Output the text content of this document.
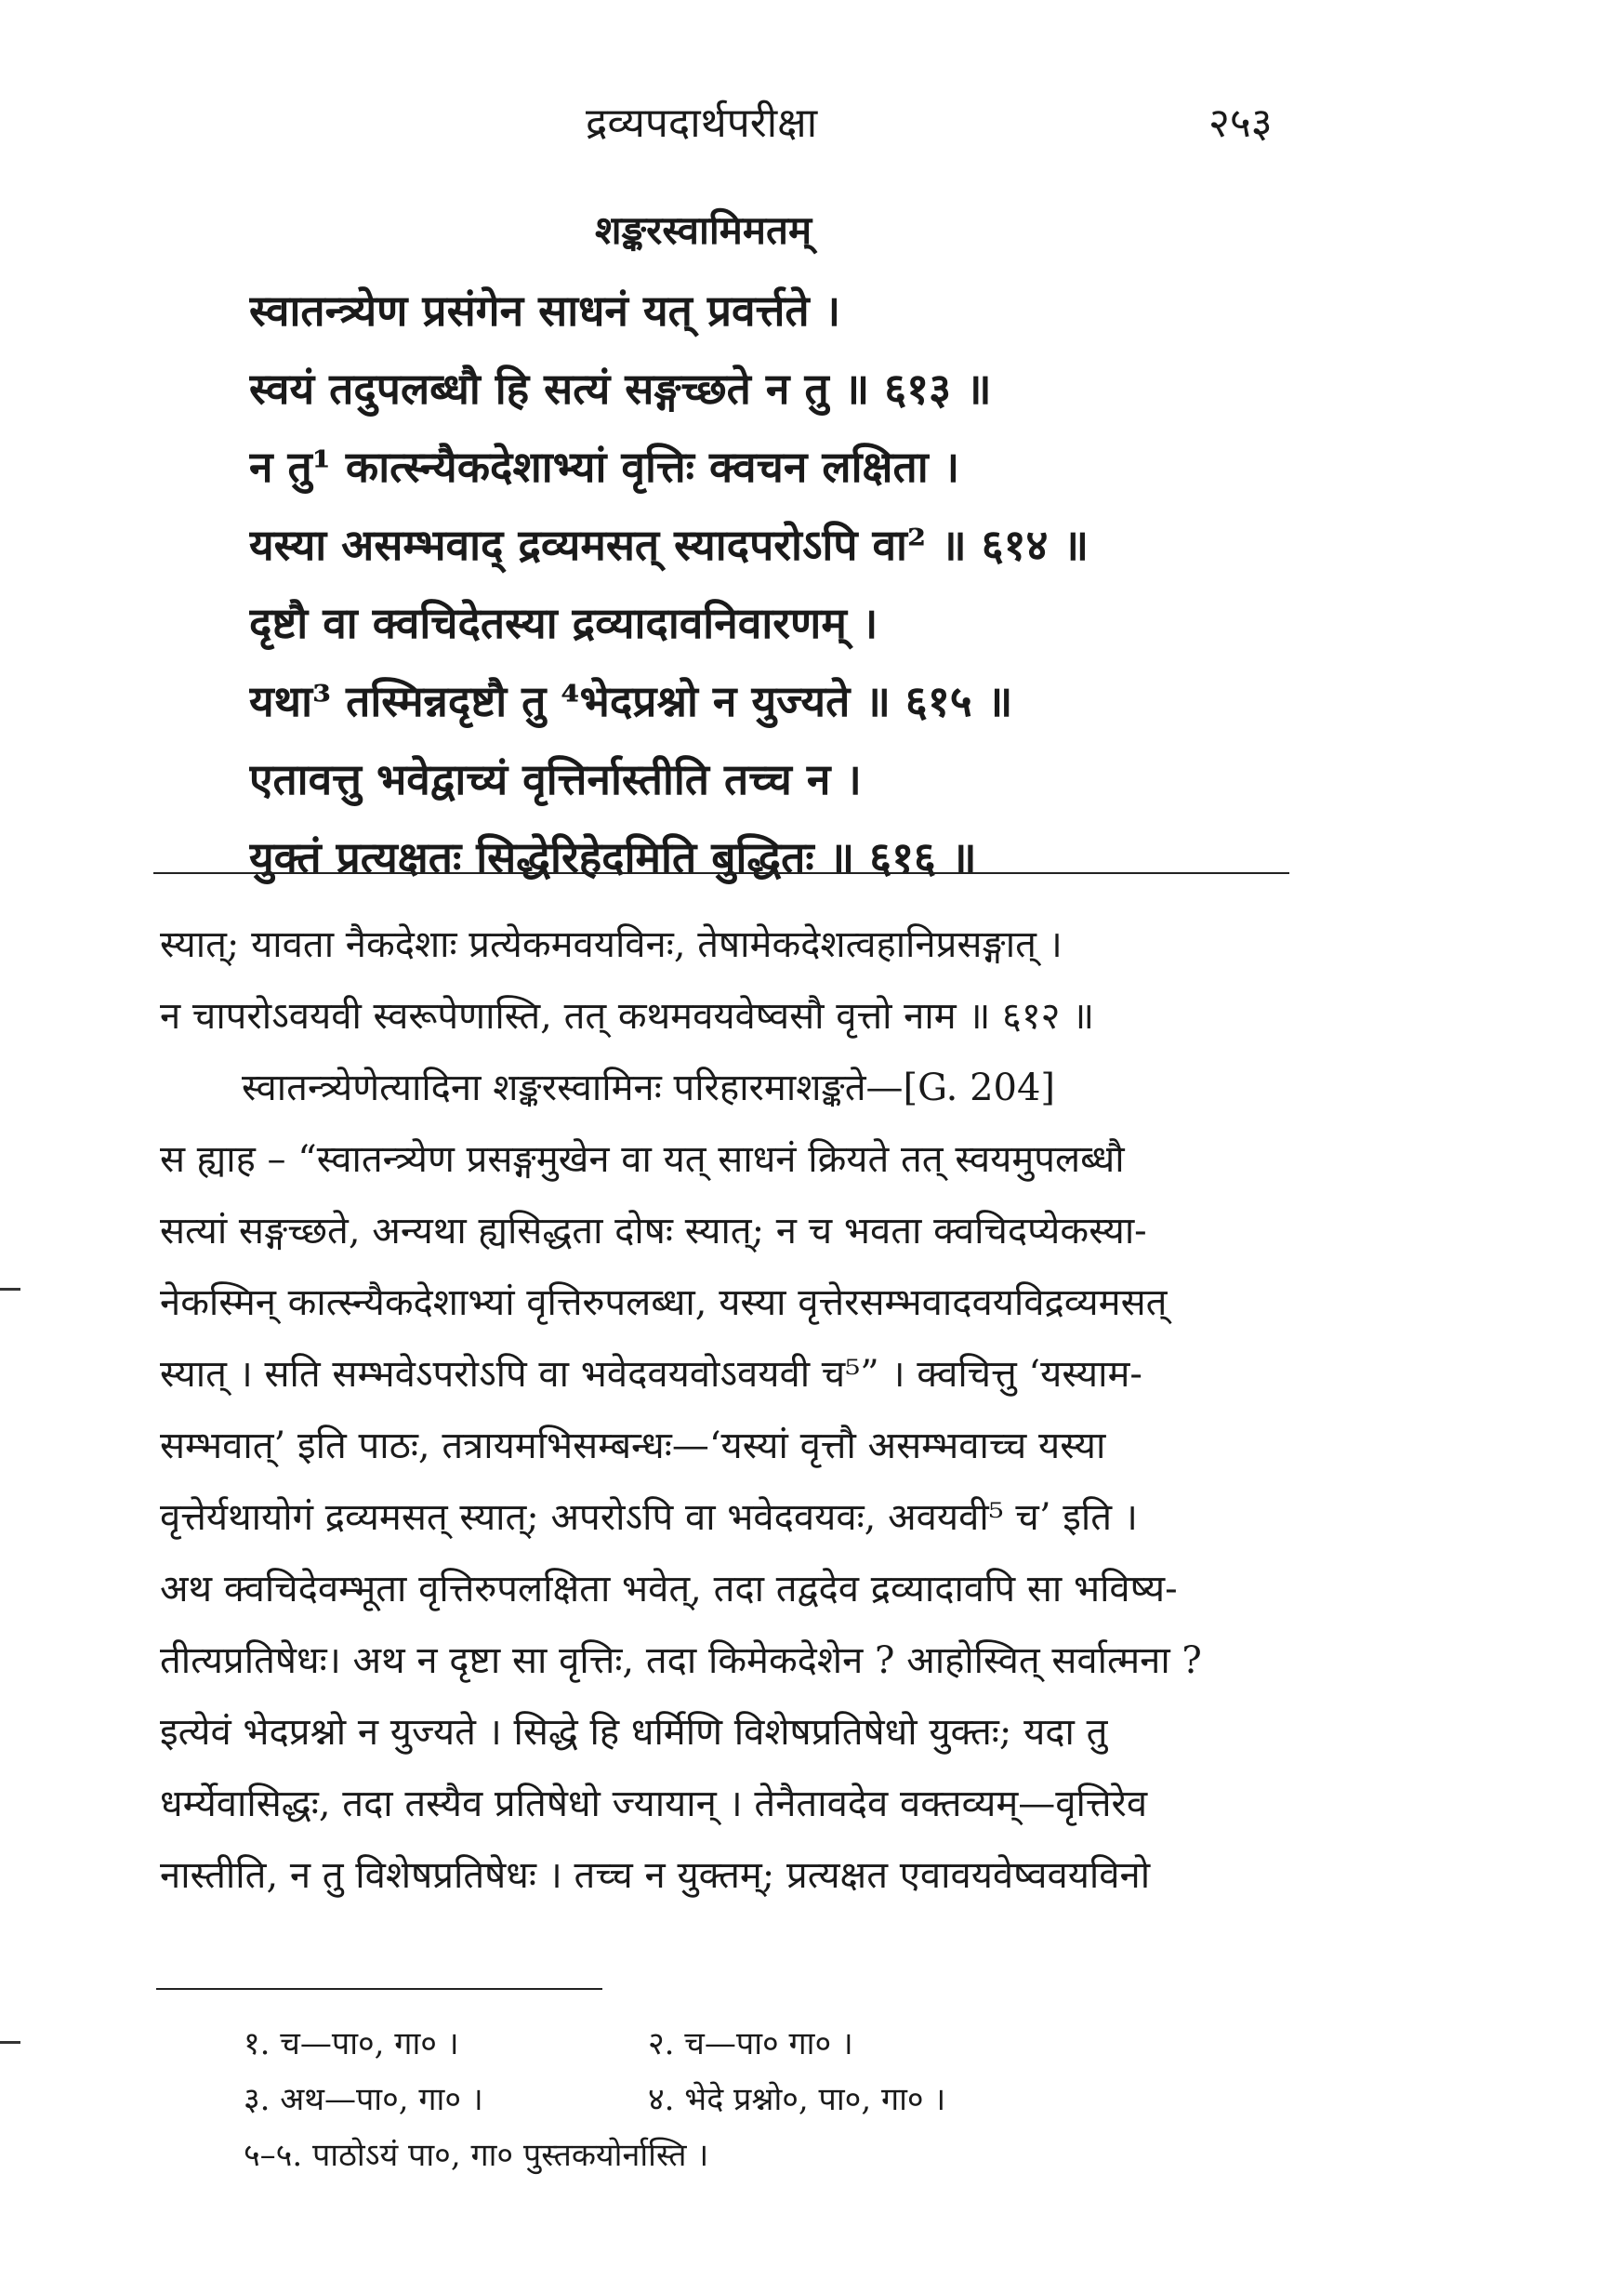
द्रव्यपदार्थपरीक्षा	२५३
शङ्करस्वामिमतम्
स्वातन्त्र्येण प्रसंगेन साधनं यत् प्रवर्त्तते ।
स्वयं तदुपलब्धौ हि सत्यं सङ्गच्छते न तु ॥ ६१३ ॥
न तु¹ कात्स्न्यैकदेशाभ्यां वृत्तिः क्वचन लक्षिता ।
यस्या असम्भवाद् द्रव्यमसत् स्यादपरोऽपि वा² ॥ ६१४ ॥
दृष्टौ वा क्वचिदेतस्या द्रव्यादावनिवारणम् ।
यथा³ तस्मिन्नदृष्टौ तु ⁴भेदप्रश्नो न युज्यते ॥ ६१५ ॥
एतावत्तु भवेद्वाच्यं वृत्तिर्नास्तीति तच्च न ।
युक्तं प्रत्यक्षतः सिद्धेरिहेदमिति बुद्धितः ॥ ६१६ ॥
स्यात्; यावता नैकदेशाः प्रत्येकमवयविनः, तेषामेकदेशत्वहानिप्रसङ्गात् ।
न चापरोऽवयवी स्वरूपेणास्ति, तत् कथमवयवेष्वसौ वृत्तो नाम ॥ ६१२ ॥
स्वातन्त्र्येणेत्यादिना शङ्करस्वामिनः परिहारमाशङ्कते—[G. 204]
स ह्याह – “स्वातन्त्र्येण प्रसङ्गमुखेन वा यत् साधनं क्रियते तत् स्वयमुपलब्धौ
सत्यां सङ्गच्छते, अन्यथा ह्यसिद्धता दोषः स्यात्; न च भवता क्वचिदप्येकस्या-
नेकस्मिन् कात्स्न्यैकदेशाभ्यां वृत्तिरुपलब्धा, यस्या वृत्तेरसम्भवादवयविद्रव्यमसत्
स्यात् । सति सम्भवेऽपरोऽपि वा भवेदवयवोऽवयवी च⁵” । क्वचित्तु ‘यस्याम-
सम्भवात्’ इति पाठः, तत्रायमभिसम्बन्धः—‘यस्यां वृत्तौ असम्भवाच्च यस्या
वृत्तेर्यथायोगं द्रव्यमसत् स्यात्; अपरोऽपि वा भवेदवयवः, अवयवी⁵ च’ इति ।
अथ क्वचिदेवम्भूता वृत्तिरुपलक्षिता भवेत्, तदा तद्वदेव द्रव्यादावपि सा भविष्य-
तीत्यप्रतिषेधः। अथ न दृष्टा सा वृत्तिः, तदा किमेकदेशेन ? आहोस्वित् सर्वात्मना ?
इत्येवं भेदप्रश्नो न युज्यते । सिद्धे हि धर्मिणि विशेषप्रतिषेधो युक्तः; यदा तु
धर्म्येवासिद्धः, तदा तस्यैव प्रतिषेधो ज्यायान् । तेनैतावदेव वक्तव्यम्—वृत्तिरेव
नास्तीति, न तु विशेषप्रतिषेधः । तच्च न युक्तम्; प्रत्यक्षत एवावयवेष्ववयविनो
१. च—पा०, गा० ।	२. च—पा० गा० ।
३. अथ—पा०, गा० ।	४. भेदे प्रश्नो०, पा०, गा० ।
५–५. पाठोऽयं पा०, गा० पुस्तकयोर्नास्ति ।
